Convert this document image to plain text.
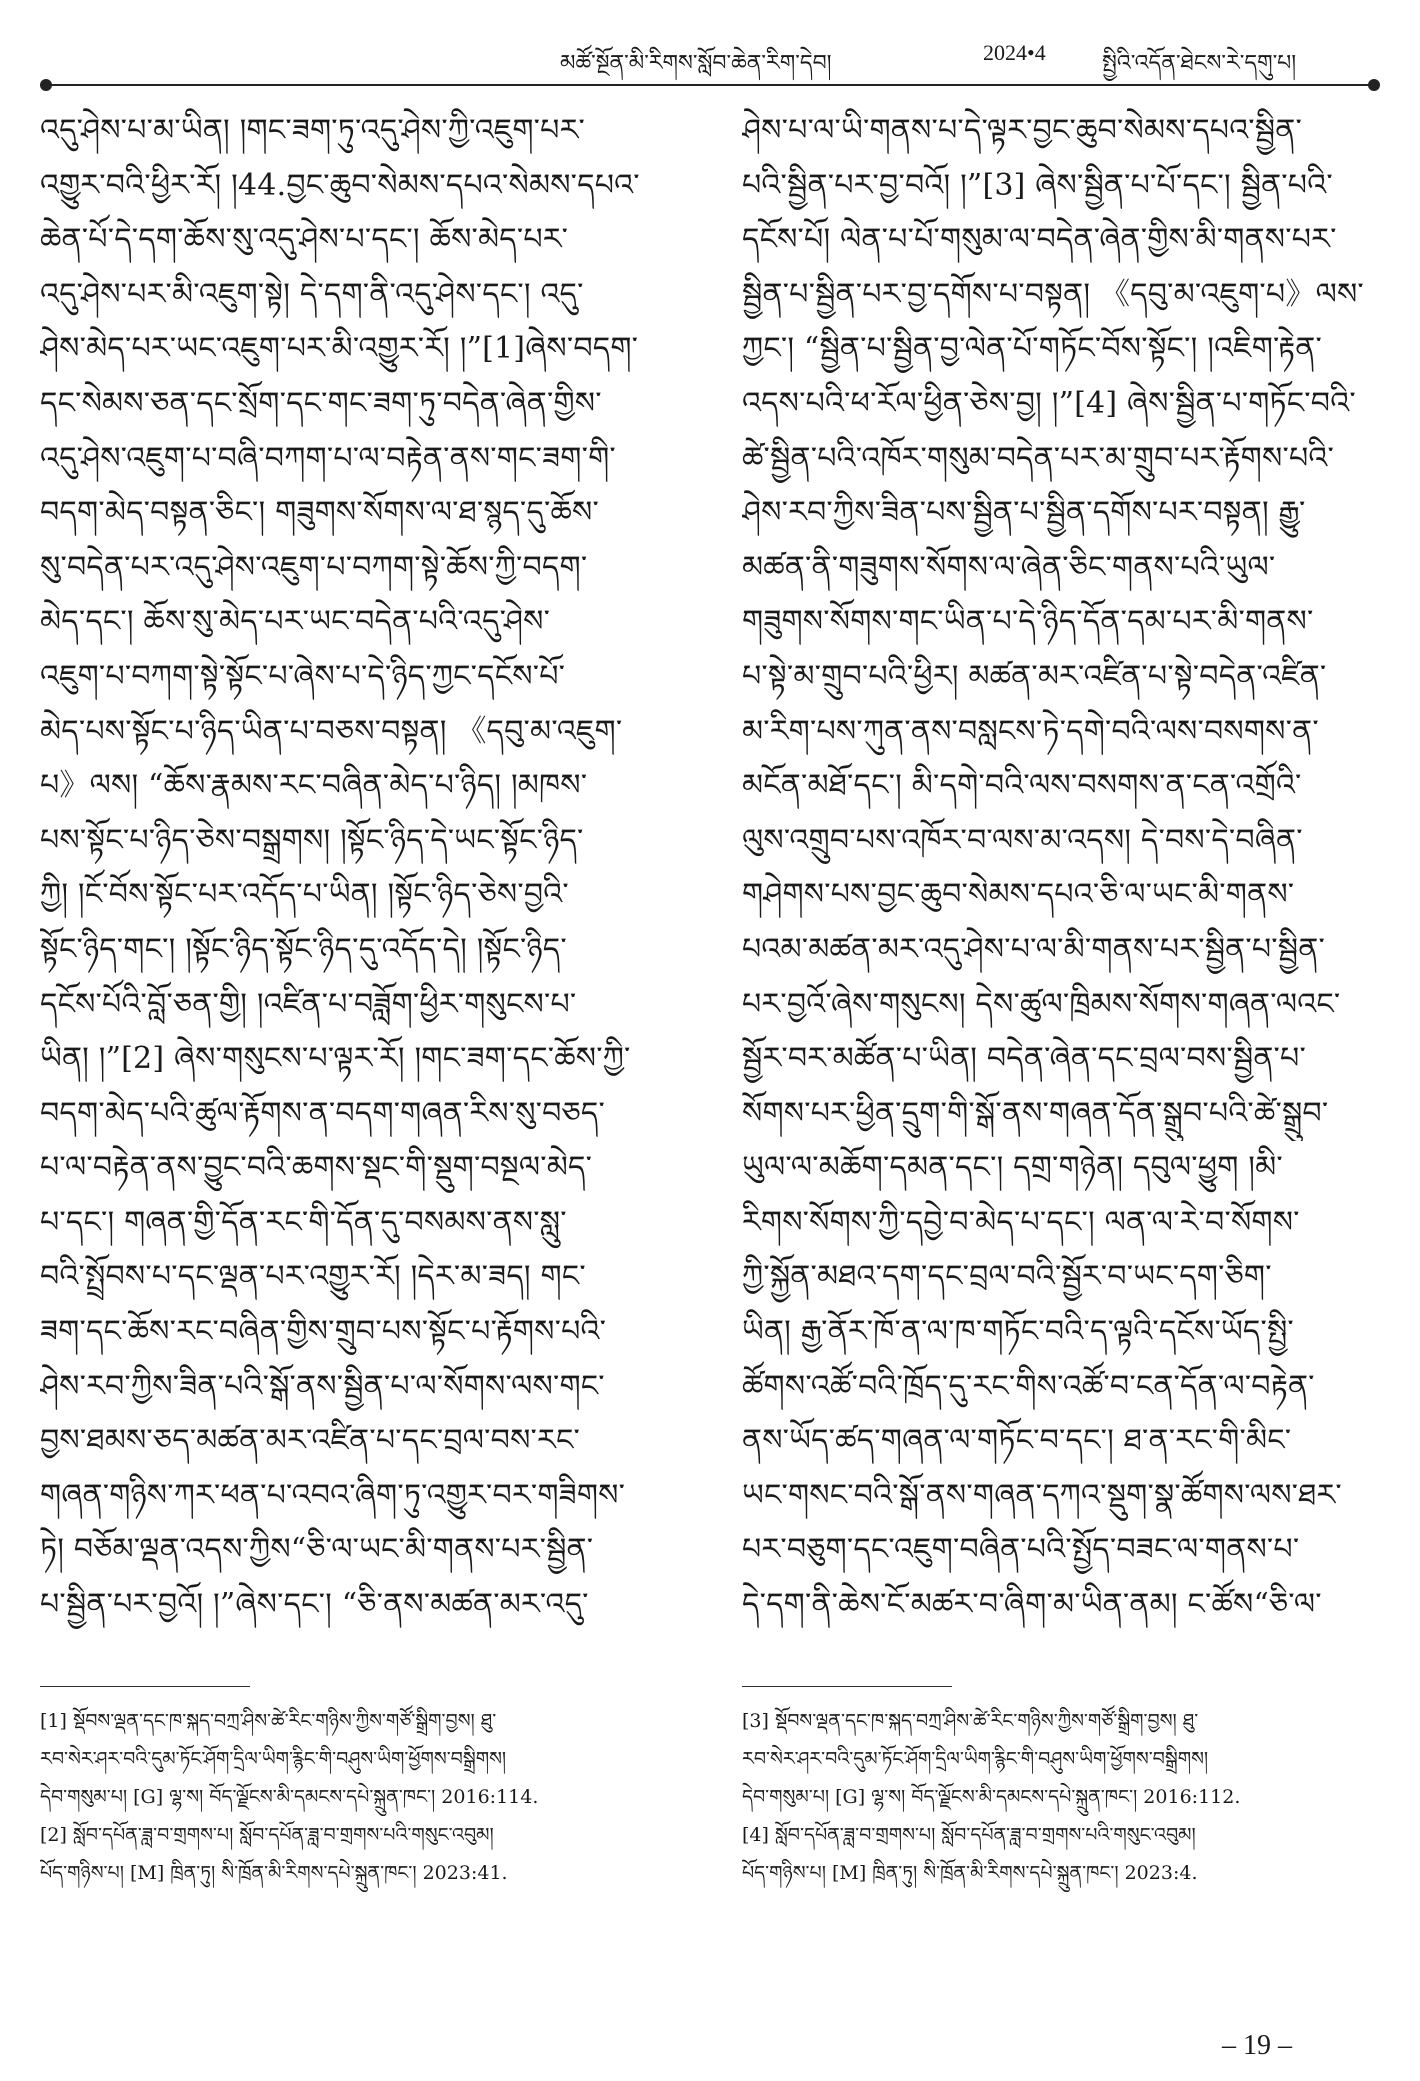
མཚོ་སྔོན་མི་རིགས་སློབ་ཆེན་རིག་དེབ།	2024•4	སྤྱིའི་འདོན་ཐེངས་རེ་དགུ་པ།
འདུ་ཤེས་པ་མ་ཡིན། །གང་ཟག་ཏུ་འདུ་ཤེས་ཀྱི་འཇུག་པར་
འགྱུར་བའི་ཕྱིར་རོ། །44.བྱང་ཆུབ་སེམས་དཔའ་སེམས་དཔའ་
ཆེན་པོ་དེ་དག་ཆོས་སུ་འདུ་ཤེས་པ་དང་། ཆོས་མེད་པར་
འདུ་ཤེས་པར་མི་འཇུག་སྟེ། དེ་དག་ནི་འདུ་ཤེས་དང་། འདུ་
ཤེས་མེད་པར་ཡང་འཇུག་པར་མི་འགྱུར་རོ། །”[1]ཞེས་བདག་
དང་སེམས་ཅན་དང་སྲོག་དང་གང་ཟག་ཏུ་བདེན་ཞེན་གྱིས་
འདུ་ཤེས་འཇུག་པ་བཞི་བཀག་པ་ལ་བརྟེན་ནས་གང་ཟག་གི་
བདག་མེད་བསྟན་ཅིང་། གཟུགས་སོགས་ལ་ཐ་སྙད་དུ་ཆོས་
སུ་བདེན་པར་འདུ་ཤེས་འཇུག་པ་བཀག་སྟེ་ཆོས་ཀྱི་བདག་
མེད་དང་། ཆོས་སུ་མེད་པར་ཡང་བདེན་པའི་འདུ་ཤེས་
འཇུག་པ་བཀག་སྟེ་སྟོང་པ་ཞེས་པ་དེ་ཉིད་ཀྱང་དངོས་པོ་
མེད་པས་སྟོང་པ་ཉིད་ཡིན་པ་བཅས་བསྟན། 《དབུ་མ་འཇུག་
པ》ལས། “ཆོས་རྣམས་རང་བཞིན་མེད་པ་ཉིད། །མཁས་
པས་སྟོང་པ་ཉིད་ཅེས་བསྒྲགས། །སྟོང་ཉིད་དེ་ཡང་སྟོང་ཉིད་
ཀྱི། །ངོ་བོས་སྟོང་པར་འདོད་པ་ཡིན། །སྟོང་ཉིད་ཅེས་བྱའི་
སྟོང་ཉིད་གང་། །སྟོང་ཉིད་སྟོང་ཉིད་དུ་འདོད་དེ། །སྟོང་ཉིད་
དངོས་པོའི་བློ་ཅན་གྱི། །འཛིན་པ་བཟློག་ཕྱིར་གསུངས་པ་
ཡིན། །”[2] ཞེས་གསུངས་པ་ལྟར་རོ། །གང་ཟག་དང་ཆོས་ཀྱི་
བདག་མེད་པའི་ཚུལ་རྟོགས་ན་བདག་གཞན་རིས་སུ་བཅད་
པ་ལ་བརྟེན་ནས་བྱུང་བའི་ཆགས་སྡང་གི་སྡུག་བསྔལ་མེད་
པ་དང་། གཞན་གྱི་དོན་རང་གི་དོན་དུ་བསམས་ནས་སླུ་
བའི་སྤྲོབས་པ་དང་ལྡན་པར་འགྱུར་རོ། །དེར་མ་ཟད། གང་
ཟག་དང་ཆོས་རང་བཞིན་གྱིས་གྲུབ་པས་སྟོང་པ་རྟོགས་པའི་
ཤེས་རབ་ཀྱིས་ཟིན་པའི་སྒོ་ནས་སྦྱིན་པ་ལ་སོགས་ལས་གང་
བྱས་ཐམས་ཅད་མཚན་མར་འཛིན་པ་དང་བྲལ་བས་རང་
གཞན་གཉིས་ཀར་ཕན་པ་འབའ་ཞིག་ཏུ་འགྱུར་བར་གཟིགས་
ཏེ། བཅོམ་ལྡན་འདས་ཀྱིས“ཅི་ལ་ཡང་མི་གནས་པར་སྦྱིན་
པ་སྦྱིན་པར་བྱའོ། །”ཞེས་དང་། “ཅི་ནས་མཚན་མར་འདུ་
ཤེས་པ་ལ་ཡི་གནས་པ་དེ་ལྟར་བྱང་ཆུབ་སེམས་དཔའ་སྦྱིན་
པའི་སྦྱིན་པར་བྱ་བའོ། །”[3] ཞེས་སྦྱིན་པ་པོ་དང་། སྦྱིན་པའི་
དངོས་པོ། ལེན་པ་པོ་གསུམ་ལ་བདེན་ཞེན་གྱིས་མི་གནས་པར་
སྦྱིན་པ་སྦྱིན་པར་བྱ་དགོས་པ་བསྟན། 《དབུ་མ་འཇུག་པ》ལས་
ཀྱང་། “སྦྱིན་པ་སྦྱིན་བྱ་ལེན་པོ་གཏོང་བོས་སྟོང་། །འཇིག་རྟེན་
འདས་པའི་ཕ་རོལ་ཕྱིན་ཅེས་བྱ། །”[4] ཞེས་སྦྱིན་པ་གཏོང་བའི་
ཚེ་སྦྱིན་པའི་འཁོར་གསུམ་བདེན་པར་མ་གྲུབ་པར་རྟོགས་པའི་
ཤེས་རབ་ཀྱིས་ཟིན་པས་སྦྱིན་པ་སྦྱིན་དགོས་པར་བསྟན། རྒྱུ་
མཚན་ནི་གཟུགས་སོགས་ལ་ཞེན་ཅིང་གནས་པའི་ཡུལ་
གཟུགས་སོགས་གང་ཡིན་པ་དེ་ཉིད་དོན་དམ་པར་མི་གནས་
པ་སྟེ་མ་གྲུབ་པའི་ཕྱིར། མཚན་མར་འཛིན་པ་སྟེ་བདེན་འཛིན་
མ་རིག་པས་ཀུན་ནས་བསླངས་ཏེ་དགེ་བའི་ལས་བསགས་ན་
མངོན་མཐོ་དང་། མི་དགེ་བའི་ལས་བསགས་ན་ངན་འགྲོའི་
ལུས་འགྲུབ་པས་འཁོར་བ་ལས་མ་འདས། དེ་བས་དེ་བཞིན་
གཤེགས་པས་བྱང་ཆུབ་སེམས་དཔའ་ཅི་ལ་ཡང་མི་གནས་
པའམ་མཚན་མར་འདུ་ཤེས་པ་ལ་མི་གནས་པར་སྦྱིན་པ་སྦྱིན་
པར་བྱའོ་ཞེས་གསུངས། དེས་ཚུལ་ཁྲིམས་སོགས་གཞན་ལའང་
སྦྱོར་བར་མཚོན་པ་ཡིན། བདེན་ཞེན་དང་བྲལ་བས་སྦྱིན་པ་
སོགས་པར་ཕྱིན་དྲུག་གི་སྒོ་ནས་གཞན་དོན་སྒྲུབ་པའི་ཚེ་སྒྲུབ་
ཡུལ་ལ་མཆོག་དམན་དང་། དགྲ་གཉེན། དབུལ་ཕྱུག །མི་
རིགས་སོགས་ཀྱི་དབྱེ་བ་མེད་པ་དང་། ལན་ལ་རེ་བ་སོགས་
ཀྱི་སྐྱོན་མཐའ་དག་དང་བྲལ་བའི་སྦྱོར་བ་ཡང་དག་ཅིག་
ཡིན། རྒྱ་ནོར་ཁོ་ན་ལ་ཁ་གཏོང་བའི་ད་ལྟའི་དངོས་ཡོད་སྤྱི་
ཚོགས་འཚོ་བའི་ཁྲོད་དུ་རང་གིས་འཚོ་བ་ངན་དོན་ལ་བརྟེན་
ནས་ཡོད་ཚད་གཞན་ལ་གཏོང་བ་དང་། ཐ་ན་རང་གི་མིང་
ཡང་གསང་བའི་སྒོ་ནས་གཞན་དཀའ་སྡུག་སྣ་ཚོགས་ལས་ཐར་
པར་བཅུག་དང་འཇུག་བཞིན་པའི་སྤྱོད་བཟང་ལ་གནས་པ་
དེ་དག་ནི་ཆེས་ངོ་མཚར་བ་ཞིག་མ་ཡིན་ནམ། ང་ཚོས“ཅི་ལ་
[1] སྡོབས་ལྡན་དང་ཁ་སྐད་བཀྲ་ཤིས་ཚེ་རིང་གཉིས་ཀྱིས་གཙོ་སྒྲིག་བྱས། ཐུ་
རབ་སེར་ཤར་བའི་དུམ་ཏོང་ཤོག་དྲིལ་ཡིག་རྙིང་གི་བཤུས་ཡིག་ཕྱོགས་བསྒྲིགས།
དེབ་གསུམ་པ། [G] ལྷ་ས། བོད་ལྗོངས་མི་དམངས་དཔེ་སྐྲུན་ཁང་། 2016:114.
[2] སློབ་དཔོན་ཟླ་བ་གྲགས་པ། སློབ་དཔོན་ཟླ་བ་གྲགས་པའི་གསུང་འབུམ།
པོད་གཉིས་པ། [M] ཁྲིན་ཏུ། སི་ཁྲོན་མི་རིགས་དཔེ་སྐྲུན་ཁང་། 2023:41.
[3] སྡོབས་ལྡན་དང་ཁ་སྐད་བཀྲ་ཤིས་ཚེ་རིང་གཉིས་ཀྱིས་གཙོ་སྒྲིག་བྱས། ཐུ་
རབ་སེར་ཤར་བའི་དུམ་ཏོང་ཤོག་དྲིལ་ཡིག་རྙིང་གི་བཤུས་ཡིག་ཕྱོགས་བསྒྲིགས།
དེབ་གསུམ་པ། [G] ལྷ་ས། བོད་ལྗོངས་མི་དམངས་དཔེ་སྐྲུན་ཁང་། 2016:112.
[4] སློབ་དཔོན་ཟླ་བ་གྲགས་པ། སློབ་དཔོན་ཟླ་བ་གྲགས་པའི་གསུང་འབུམ།
པོད་གཉིས་པ། [M] ཁྲིན་ཏུ། སི་ཁྲོན་མི་རིགས་དཔེ་སྐྲུན་ཁང་། 2023:4.
– 19 –
